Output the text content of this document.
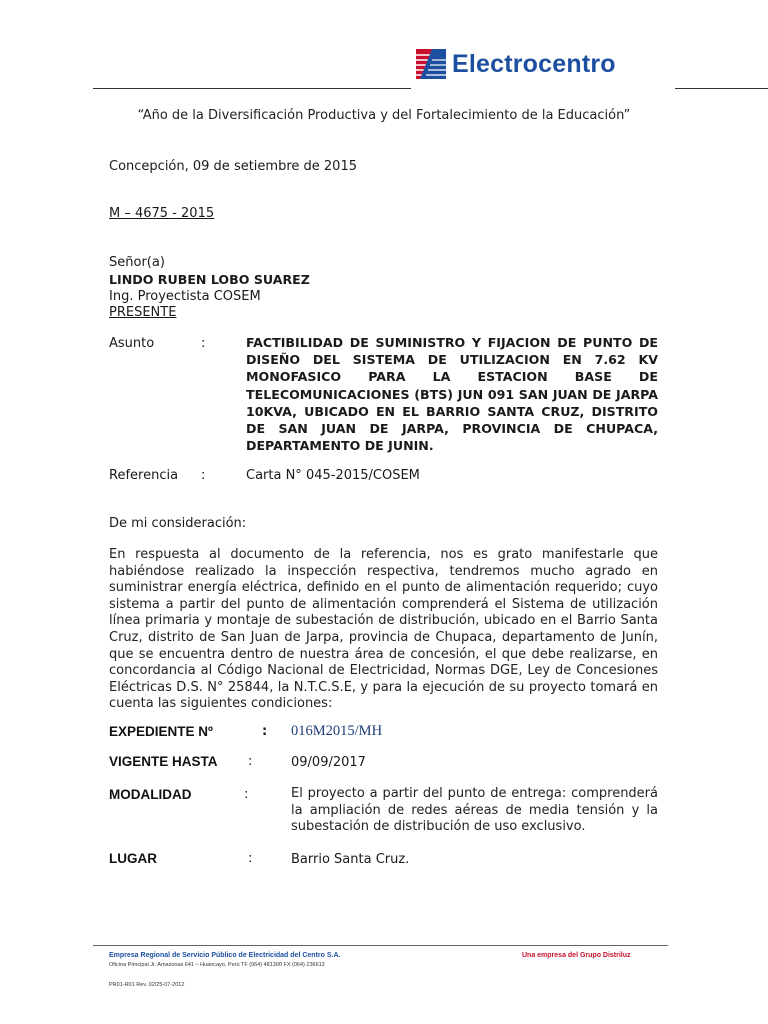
Electrocentro
“Año de la Diversificación Productiva y del Fortalecimiento de la Educación”
Concepción, 09 de setiembre de 2015
M – 4675 - 2015
Señor(a)
LINDO RUBEN LOBO SUAREZ
Ing. Proyectista COSEM
PRESENTE
Asunto	:	FACTIBILIDAD DE SUMINISTRO Y FIJACION DE PUNTO DE DISEÑO DEL SISTEMA DE UTILIZACION EN 7.62 KV MONOFASICO PARA LA ESTACION BASE DE TELECOMUNICACIONES (BTS) JUN 091 SAN JUAN DE JARPA 10KVA, UBICADO EN EL BARRIO SANTA CRUZ, DISTRITO DE SAN JUAN DE JARPA, PROVINCIA DE CHUPACA, DEPARTAMENTO DE JUNIN.
Referencia :	Carta N° 045-2015/COSEM
De mi consideración:
En respuesta al documento de la referencia, nos es grato manifestarle que habiéndose realizado la inspección respectiva, tendremos mucho agrado en suministrar energía eléctrica, definido en el punto de alimentación requerido; cuyo sistema a partir del punto de alimentación comprenderá el Sistema de utilización línea primaria y montaje de subestación de distribución, ubicado en el Barrio Santa Cruz, distrito de San Juan de Jarpa, provincia de Chupaca, departamento de Junín, que se encuentra dentro de nuestra área de concesión, el que debe realizarse, en concordancia al Código Nacional de Electricidad, Normas DGE, Ley de Concesiones Eléctricas D.S. N° 25844, la N.T.C.S.E, y para la ejecución de su proyecto tomará en cuenta las siguientes condiciones:
EXPEDIENTE Nº	: 016M2015/MH
VIGENTE HASTA :	09/09/2017
MODALIDAD	:	El proyecto a partir del punto de entrega: comprenderá la ampliación de redes aéreas de media tensión y la subestación de distribución de uso exclusivo.
LUGAR	:	Barrio Santa Cruz.
Empresa Regional de Servicio Público de Electricidad del Centro S.A.
Oficina Principal Jr. Amazonas 641 – Huancayo, Perú TF (064) 481300 FX (064) 236613
Una empresa del Grupo Distriluz
PR01-R01 Rev. 02/25-07-2012
